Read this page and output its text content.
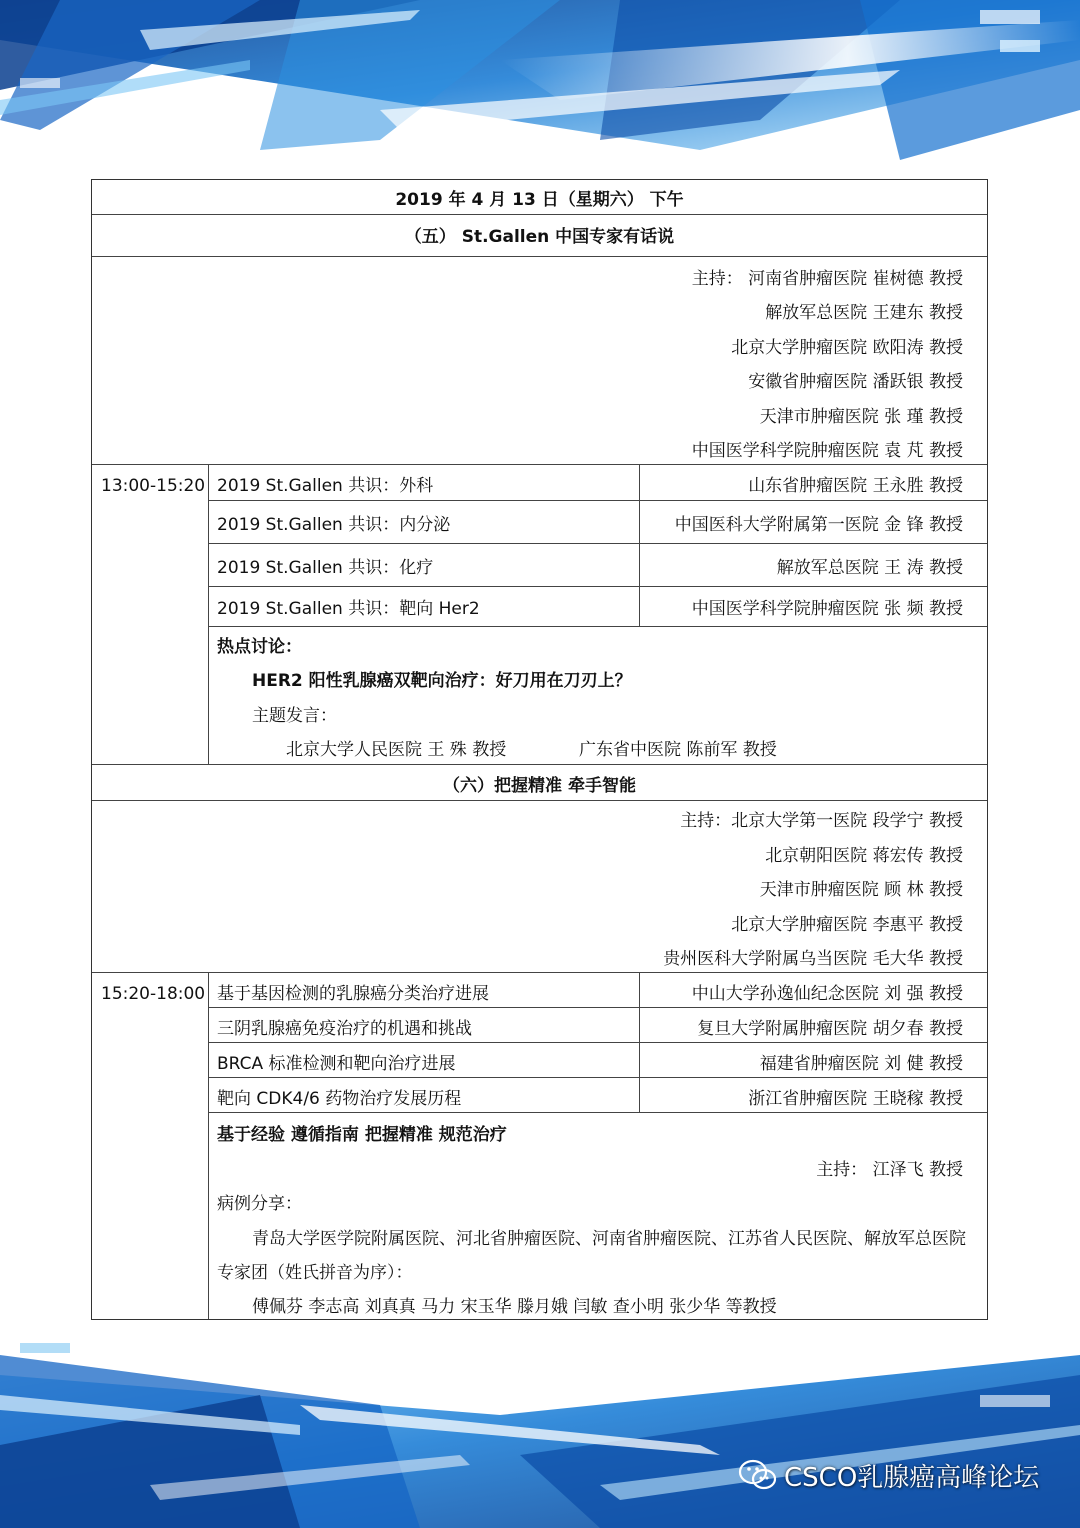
2019 年 4 月 13 日（星期六） 下午
（五） St.Gallen 中国专家有话说
主持： 河南省肿瘤医院 崔树德 教授
解放军总医院 王建东 教授
北京大学肿瘤医院 欧阳涛 教授
安徽省肿瘤医院 潘跃银 教授
天津市肿瘤医院 张 瑾 教授
中国医学科学院肿瘤医院 袁 芃 教授
13:00-15:20 2019 St.Gallen 共识：外科	山东省肿瘤医院 王永胜 教授
2019 St.Gallen 共识：内分泌	中国医科大学附属第一医院 金 锋 教授
2019 St.Gallen 共识：化疗	解放军总医院 王 涛 教授
2019 St.Gallen 共识：靶向 Her2	中国医学科学院肿瘤医院 张 频 教授
热点讨论：
HER2 阳性乳腺癌双靶向治疗：好刀用在刀刃上？
主题发言：
北京大学人民医院 王 殊 教授	广东省中医院 陈前军 教授
（六）把握精准 牵手智能
主持：北京大学第一医院 段学宁 教授
北京朝阳医院 蒋宏传 教授
天津市肿瘤医院 顾 林 教授
北京大学肿瘤医院 李惠平 教授
贵州医科大学附属乌当医院 毛大华 教授
15:20-18:00 基于基因检测的乳腺癌分类治疗进展	中山大学孙逸仙纪念医院 刘 强 教授
三阴乳腺癌免疫治疗的机遇和挑战	复旦大学附属肿瘤医院 胡夕春 教授
BRCA 标准检测和靶向治疗进展	福建省肿瘤医院 刘 健 教授
靶向 CDK4/6 药物治疗发展历程	浙江省肿瘤医院 王晓稼 教授
基于经验 遵循指南 把握精准 规范治疗
主持： 江泽飞 教授
病例分享：
青岛大学医学院附属医院、河北省肿瘤医院、河南省肿瘤医院、江苏省人民医院、解放军总医院
专家团（姓氏拼音为序）：
傅佩芬 李志高 刘真真 马力 宋玉华 滕月娥 闫敏 查小明 张少华 等教授
CSCO乳腺癌高峰论坛
